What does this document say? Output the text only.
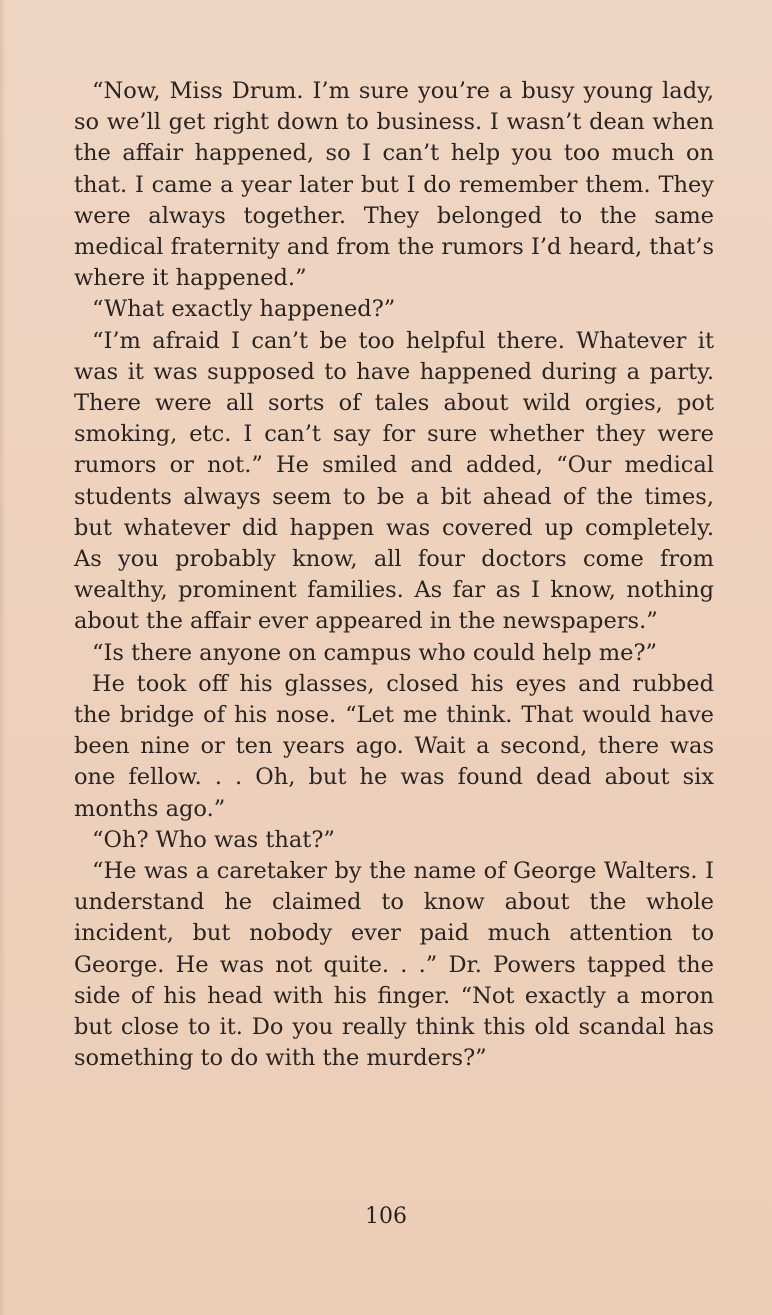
“Now, Miss Drum. I’m sure you’re a busy young lady, so we’ll get right down to business. I wasn’t dean when the affair happened, so I can’t help you too much on that. I came a year later but I do remember them. They were always together. They belonged to the same medical fraternity and from the rumors I’d heard, that’s where it happened.”

“What exactly happened?”

“I’m afraid I can’t be too helpful there. Whatever it was it was supposed to have happened during a party. There were all sorts of tales about wild orgies, pot smoking, etc. I can’t say for sure whether they were rumors or not.” He smiled and added, “Our medical students always seem to be a bit ahead of the times, but whatever did happen was covered up completely. As you probably know, all four doctors come from wealthy, prominent families. As far as I know, nothing about the affair ever appeared in the newspapers.”

“Is there anyone on campus who could help me?”

He took off his glasses, closed his eyes and rubbed the bridge of his nose. “Let me think. That would have been nine or ten years ago. Wait a second, there was one fellow. . . Oh, but he was found dead about six months ago.”

“Oh? Who was that?”

“He was a caretaker by the name of George Walters. I understand he claimed to know about the whole incident, but nobody ever paid much attention to George. He was not quite. . .” Dr. Powers tapped the side of his head with his finger. “Not exactly a moron but close to it. Do you really think this old scandal has something to do with the murders?”

106
